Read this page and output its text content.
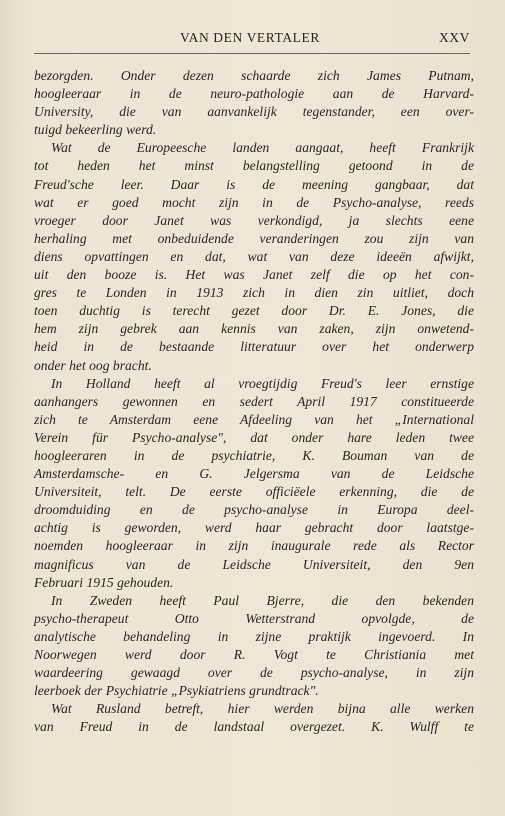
VAN DEN VERTALER	XXV
bezorgden. Onder dezen schaarde zich James Putnam,
hoogleeraar in de neuro-pathologie aan de Harvard-
University, die van aanvankelijk tegenstander, een over-
tuigd bekeerling werd.
Wat de Europeesche landen aangaat, heeft Frankrijk
tot heden het minst belangstelling getoond in de
Freud'sche leer. Daar is de meening gangbaar, dat
wat er goed mocht zijn in de Psycho-analyse, reeds
vroeger door Janet was verkondigd, ja slechts eene
herhaling met onbeduidende veranderingen zou zijn van
diens opvattingen en dat, wat van deze ideeën afwijkt,
uit den booze is. Het was Janet zelf die op het con-
gres te Londen in 1913 zich in dien zin uitliet, doch
toen duchtig is terecht gezet door Dr. E. Jones, die
hem zijn gebrek aan kennis van zaken, zijn onwetend-
heid in de bestaande litteratuur over het onderwerp
onder het oog bracht.
In Holland heeft al vroegtijdig Freud's leer ernstige
aanhangers gewonnen en sedert April 1917 constitueerde
zich te Amsterdam eene Afdeeling van het „International
Verein für Psycho-analyse", dat onder hare leden twee
hoogleeraren in de psychiatrie, K. Bouman van de
Amsterdamsche- en G. Jelgersma van de Leidsche
Universiteit, telt. De eerste officiëele erkenning, die de
droomduiding en de psycho-analyse in Europa deel-
achtig is geworden, werd haar gebracht door laatstge-
noemden hoogleeraar in zijn inaugurale rede als Rector
magnificus van de Leidsche Universiteit, den 9en
Februari 1915 gehouden.
In Zweden heeft Paul Bjerre, die den bekenden
psycho-therapeut Otto Wetterstrand opvolgde, de
analytische behandeling in zijne praktijk ingevoerd. In
Noorwegen werd door R. Vogt te Christiania met
waardeering gewaagd over de psycho-analyse, in zijn
leerboek der Psychiatrie „Psykiatriens grundtrack".
Wat Rusland betreft, hier werden bijna alle werken
van Freud in de landstaal overgezet. K. Wulff te
